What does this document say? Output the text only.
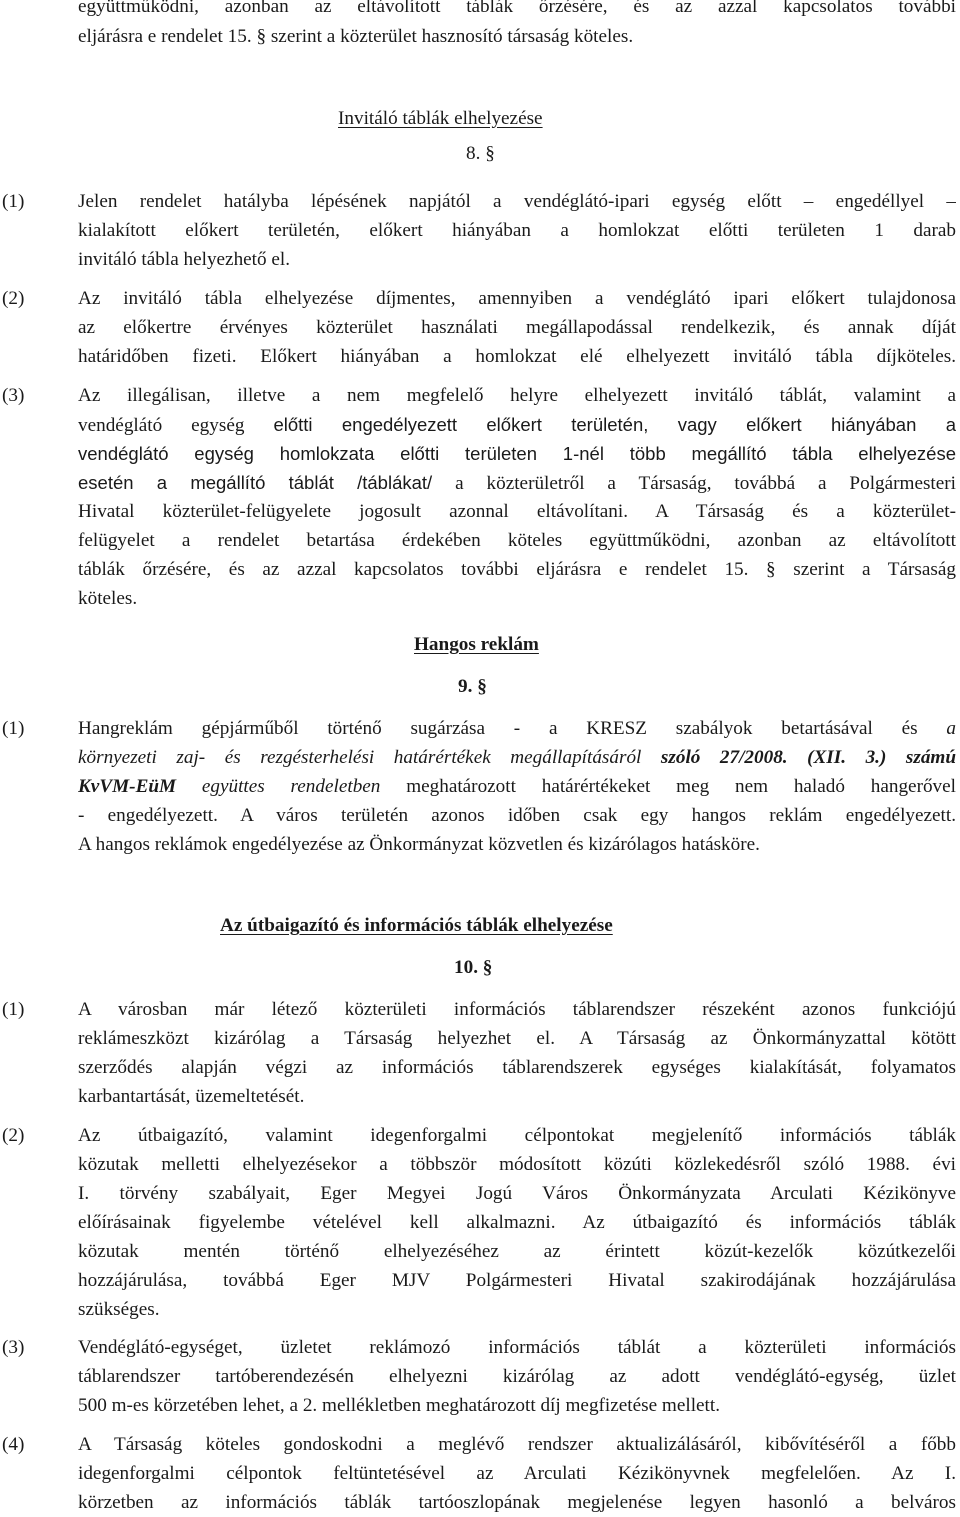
együttműködni, azonban az eltávolított táblák őrzésére, és az azzal kapcsolatos további
eljárásra e rendelet 15. § szerint a közterület hasznosító társaság köteles.
Invitáló táblák elhelyezése
8. §
(1)	Jelen rendelet hatályba lépésének napjától a vendéglátó-ipari egység előtt – engedéllyel –
kialakított előkert területén, előkert hiányában a homlokzat előtti területen 1 darab
invitáló tábla helyezhető el.
(2)	Az invitáló tábla elhelyezése díjmentes, amennyiben a vendéglátó ipari előkert tulajdonosa
az előkertre érvényes közterület használati megállapodással rendelkezik, és annak díját
határidőben fizeti. Előkert hiányában a homlokzat elé elhelyezett invitáló tábla díjköteles.
(3)	Az illegálisan, illetve a nem megfelelő helyre elhelyezett invitáló táblát, valamint a
vendéglátó egység előtti engedélyezett előkert területén, vagy előkert hiányában a
vendéglátó egység homlokzata előtti területen 1-nél több megállító tábla elhelyezése
esetén a megállító táblát /táblákat/ a közterületről a Társaság, továbbá a Polgármesteri
Hivatal közterület-felügyelete jogosult azonnal eltávolítani. A Társaság és a közterület-
felügyelet a rendelet betartása érdekében köteles együttműködni, azonban az eltávolított
táblák őrzésére, és az azzal kapcsolatos további eljárásra e rendelet 15. § szerint a Társaság
köteles.
Hangos reklám
9. §
(1)	Hangreklám gépjárműből történő sugárzása - a KRESZ szabályok betartásával és a
környezeti zaj- és rezgésterhelési határértékek megállapításáról szóló 27/2008. (XII. 3.) számú
KvVM-EüM együttes rendeletben meghatározott határértékeket meg nem haladó hangerővel
- engedélyezett. A város területén azonos időben csak egy hangos reklám engedélyezett.
A hangos reklámok engedélyezése az Önkormányzat közvetlen és kizárólagos hatásköre.
Az útbaigazító és információs táblák elhelyezése
10. §
(1)	A városban már létező közterületi információs táblarendszer részeként azonos funkciójú
reklámeszközt kizárólag a Társaság helyezhet el. A Társaság az Önkormányzattal kötött
szerződés alapján végzi az információs táblarendszerek egységes kialakítását, folyamatos
karbantartását, üzemeltetését.
(2)	Az útbaigazító, valamint idegenforgalmi célpontokat megjelenítő információs táblák
közutak melletti elhelyezésekor a többször módosított közúti közlekedésről szóló 1988. évi
I. törvény szabályait, Eger Megyei Jogú Város Önkormányzata Arculati Kézikönyve
előírásainak figyelembe vételével kell alkalmazni. Az útbaigazító és információs táblák
közutak mentén történő elhelyezéséhez az érintett közút-kezelők közútkezelői
hozzájárulása, továbbá Eger MJV Polgármesteri Hivatal szakirodájának hozzájárulása
szükséges.
(3)	Vendéglátó-egységet, üzletet reklámozó információs táblát a közterületi információs
táblarendszer tartóberendezésén elhelyezni kizárólag az adott vendéglátó-egység, üzlet
500 m-es körzetében lehet, a 2. mellékletben meghatározott díj megfizetése mellett.
(4)	A Társaság köteles gondoskodni a meglévő rendszer aktualizálásáról, kibővítéséről a főbb
idegenforgalmi célpontok feltüntetésével az Arculati Kézikönyvnek megfelelően. Az I.
körzetben az információs táblák tartóoszlopának megjelenése legyen hasonló a belváros
